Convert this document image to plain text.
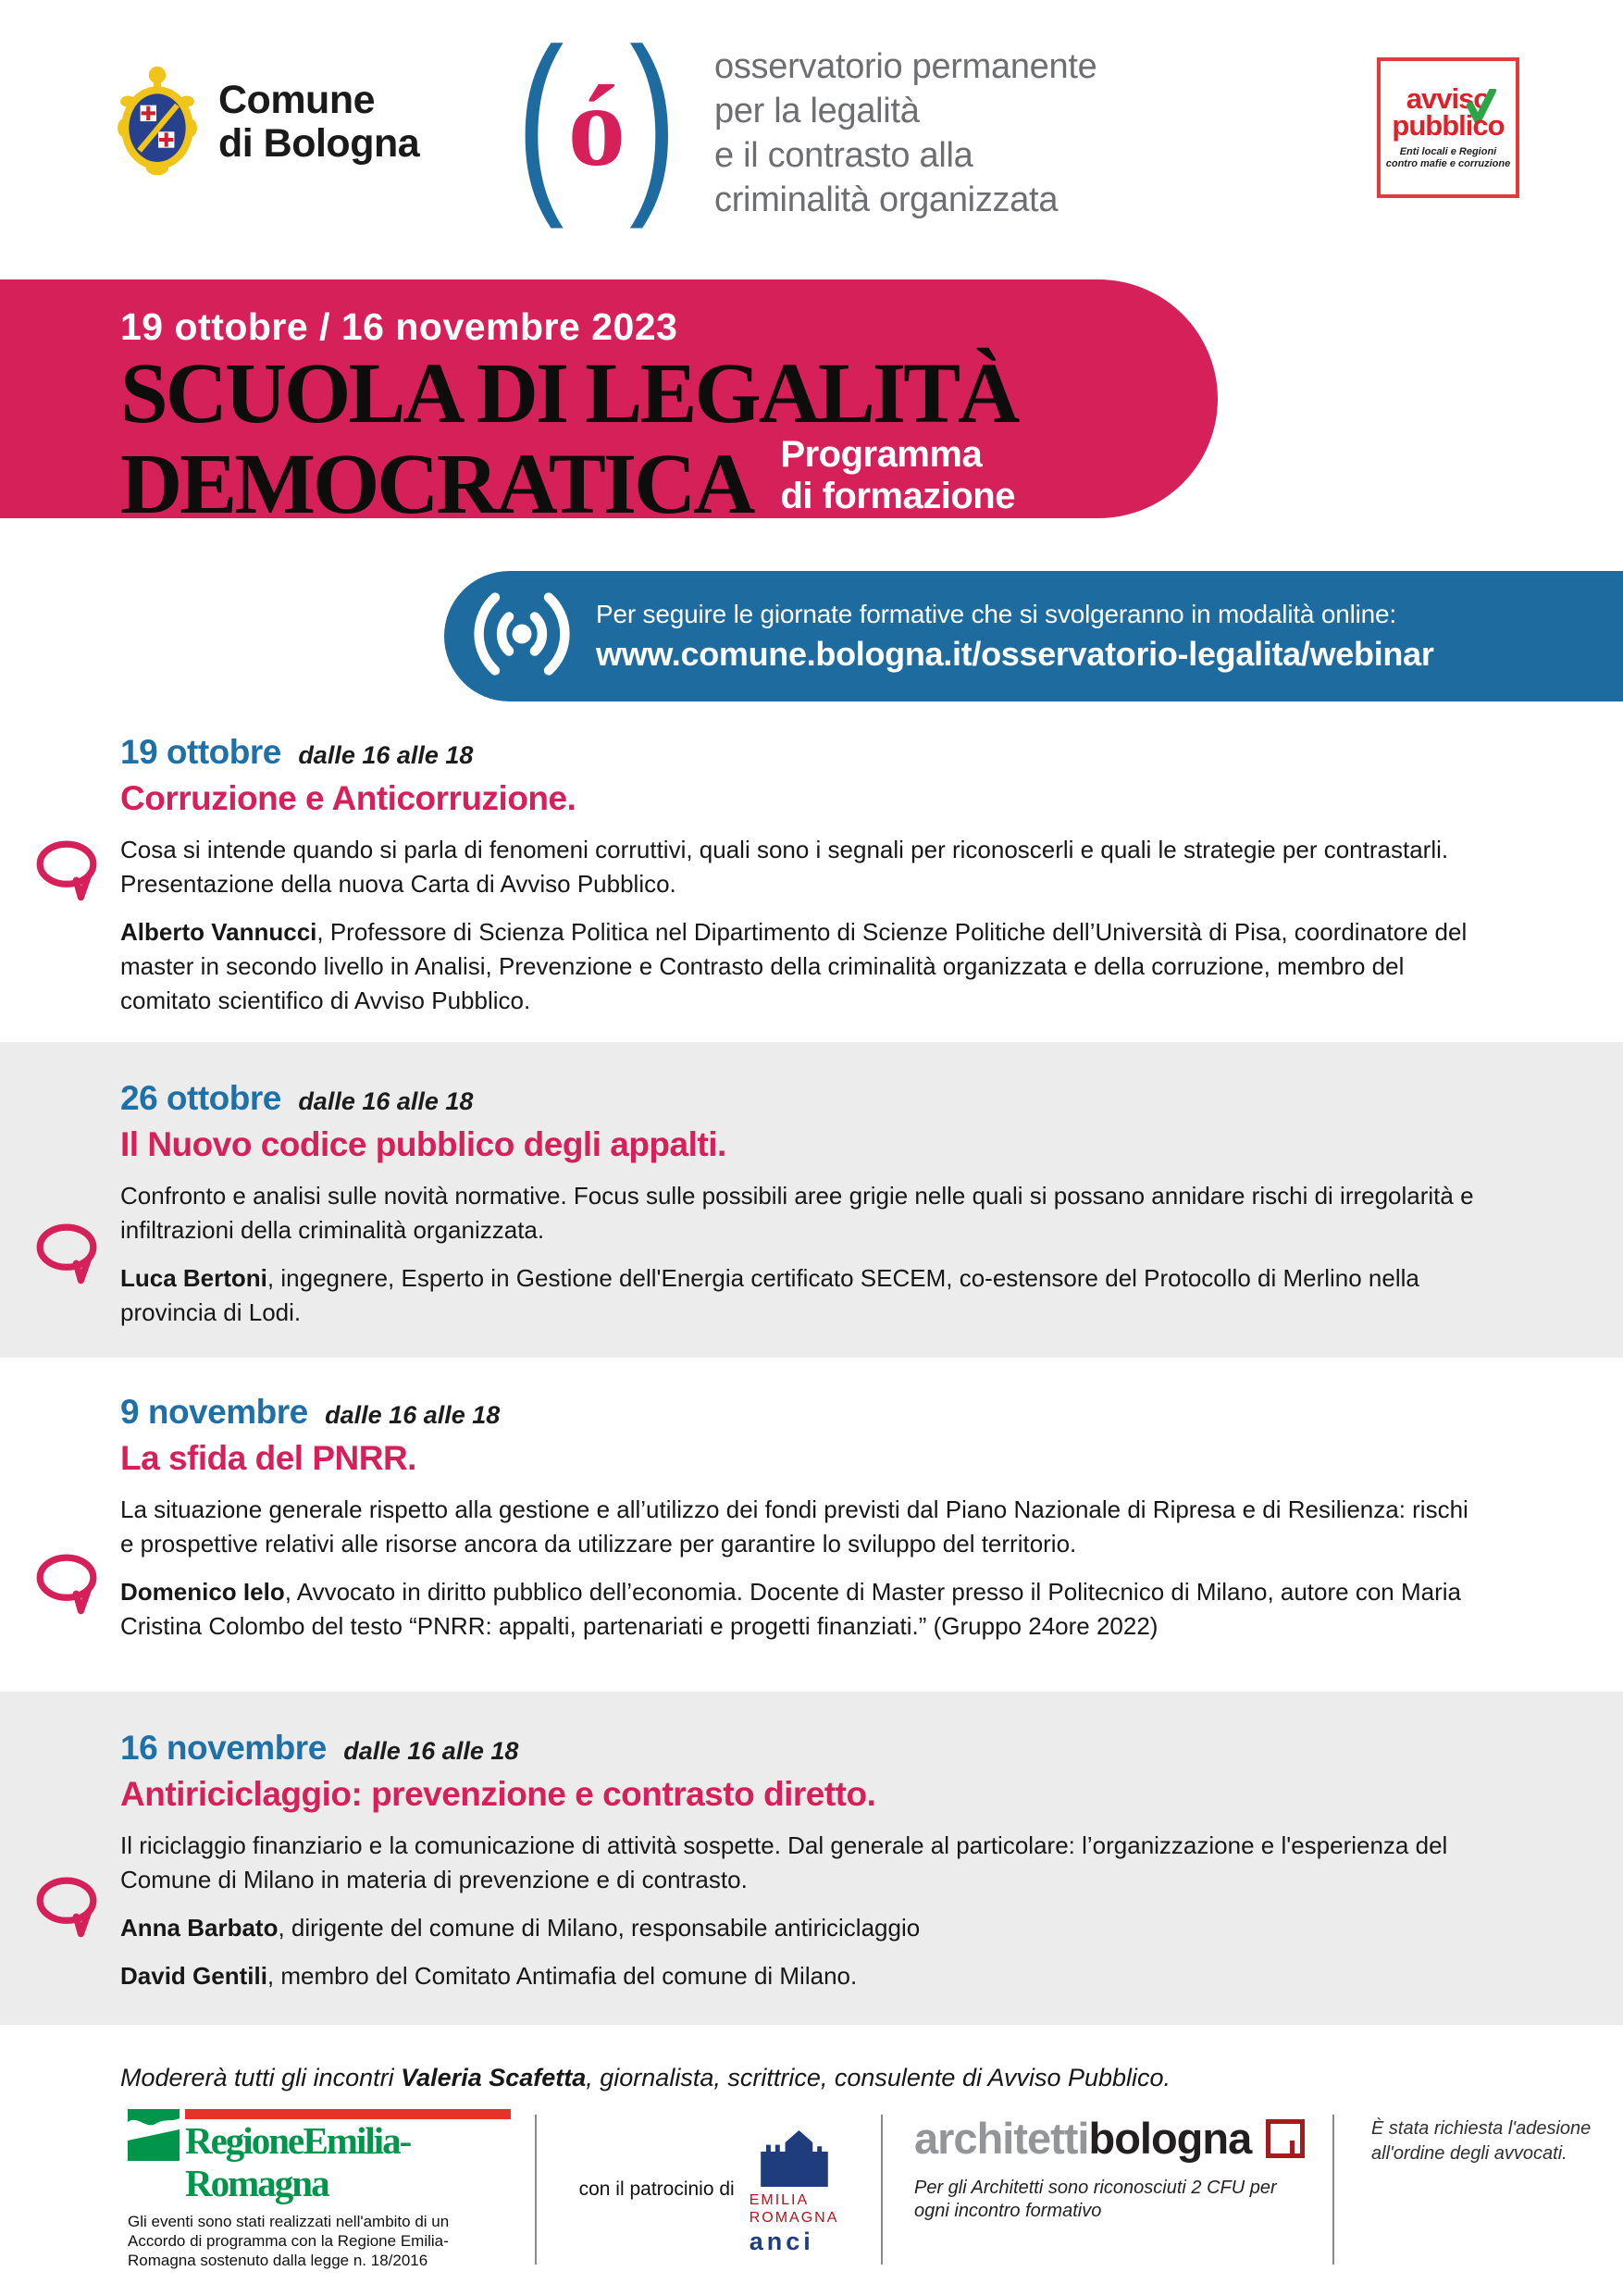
Comune
di Bologna ( ó ) osservatorio permanente
per la legalità
e il contrasto alla
criminalità organizzata
avviso
pubblico
Enti locali e Regioni
contro mafie e corruzione
19 ottobre / 16 novembre 2023
SCUOLA DI LEGALITÀ
DEMOCRATICA Programma
di formazione
Per seguire le giornate formative che si svolgeranno in modalità online:
www.comune.bologna.it/osservatorio-legalita/webinar
19 ottobre dalle 16 alle 18
Corruzione e Anticorruzione.

Cosa si intende quando si parla di fenomeni corruttivi, quali sono i segnali per riconoscerli e quali le strategie per contrastarli. Presentazione della nuova Carta di Avviso Pubblico.

Alberto Vannucci, Professore di Scienza Politica nel Dipartimento di Scienze Politiche dell’Università di Pisa, coordinatore del master in secondo livello in Analisi, Prevenzione e Contrasto della criminalità organizzata e della corruzione, membro del comitato scientifico di Avviso Pubblico.

26 ottobre dalle 16 alle 18
Il Nuovo codice pubblico degli appalti.

Confronto e analisi sulle novità normative. Focus sulle possibili aree grigie nelle quali si possano annidare rischi di irregolarità e infiltrazioni della criminalità organizzata.

Luca Bertoni, ingegnere, Esperto in Gestione dell'Energia certificato SECEM, co-estensore del Protocollo di Merlino nella provincia di Lodi.

9 novembre dalle 16 alle 18
La sfida del PNRR.

La situazione generale rispetto alla gestione e all’utilizzo dei fondi previsti dal Piano Nazionale di Ripresa e di Resilienza: rischi e prospettive relativi alle risorse ancora da utilizzare per garantire lo sviluppo del territorio.

Domenico Ielo, Avvocato in diritto pubblico dell’economia. Docente di Master presso il Politecnico di Milano, autore con Maria Cristina Colombo del testo “PNRR: appalti, partenariati e progetti finanziati.” (Gruppo 24ore 2022)

16 novembre dalle 16 alle 18
Antiriciclaggio: prevenzione e contrasto diretto.

Il riciclaggio finanziario e la comunicazione di attività sospette. Dal generale al particolare: l’organizzazione e l'esperienza del Comune di Milano in materia di prevenzione e di contrasto.

Anna Barbato, dirigente del comune di Milano, responsabile antiriciclaggio

David Gentili, membro del Comitato Antimafia del comune di Milano.

Modererà tutti gli incontri Valeria Scafetta, giornalista, scrittrice, consulente di Avviso Pubblico.

Regione Emilia-Romagna
Gli eventi sono stati realizzati nell'ambito di un Accordo di programma con la Regione Emilia-Romagna sostenuto dalla legge n. 18/2016
con il patrocinio di EMILIA
ROMAGNA
anci
architetti bologna
Per gli Architetti sono riconosciuti 2 CFU per ogni incontro formativo
È stata richiesta l'adesione all'ordine degli avvocati.
